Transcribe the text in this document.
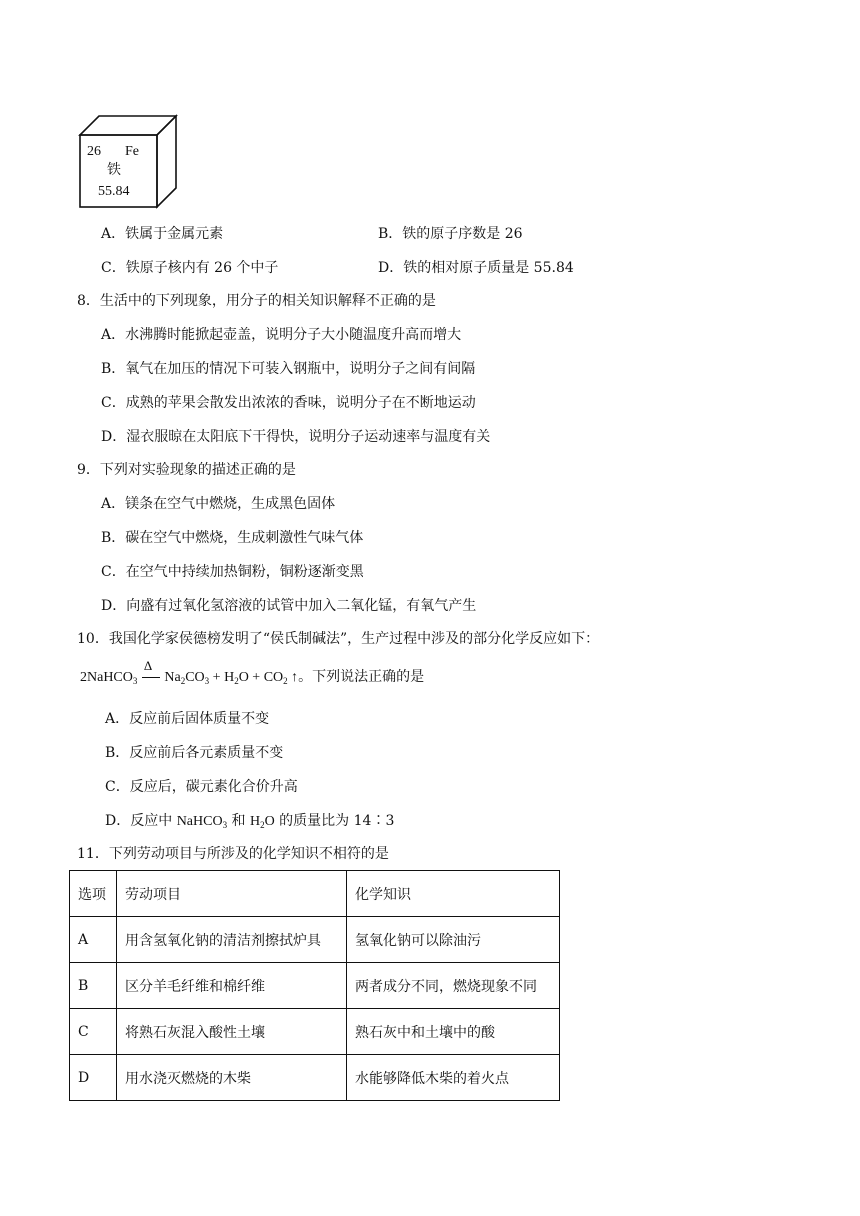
26 Fe
铁
55.84
A．铁属于金属元素	B．铁的原子序数是 26
C．铁原子核内有 26 个中子	D．铁的相对原子质量是 55.84
8．生活中的下列现象，用分子的相关知识解释不正确的是
A．水沸腾时能掀起壶盖，说明分子大小随温度升高而增大
B．氧气在加压的情况下可装入钢瓶中，说明分子之间有间隔
C．成熟的苹果会散发出浓浓的香味，说明分子在不断地运动
D．湿衣服晾在太阳底下干得快，说明分子运动速率与温度有关
9．下列对实验现象的描述正确的是
A．镁条在空气中燃烧，生成黑色固体
B．碳在空气中燃烧，生成刺激性气味气体
C．在空气中持续加热铜粉，铜粉逐渐变黑
D．向盛有过氧化氢溶液的试管中加入二氧化锰，有氧气产生
10．我国化学家侯德榜发明了“侯氏制碱法”，生产过程中涉及的部分化学反应如下：
2NaHCO$_3$
Δ
$Na_2CO_3 + H_2O + CO_2$ ↑。下列说法正确的是
A．反应前后固体质量不变
B．反应前后各元素质量不变
C．反应后，碳元素化合价升高
D．反应中 NaHCO$_3$ 和 $H_2O$ 的质量比为 14∶3
11．下列劳动项目与所涉及的化学知识不相符的是
选项	劳动项目	化学知识
A	用含氢氧化钠的清洁剂擦拭炉具	氢氧化钠可以除油污
B	区分羊毛纤维和棉纤维	两者成分不同，燃烧现象不同
C	将熟石灰混入酸性土壤	熟石灰中和土壤中的酸
D	用水浇灭燃烧的木柴	水能够降低木柴的着火点
